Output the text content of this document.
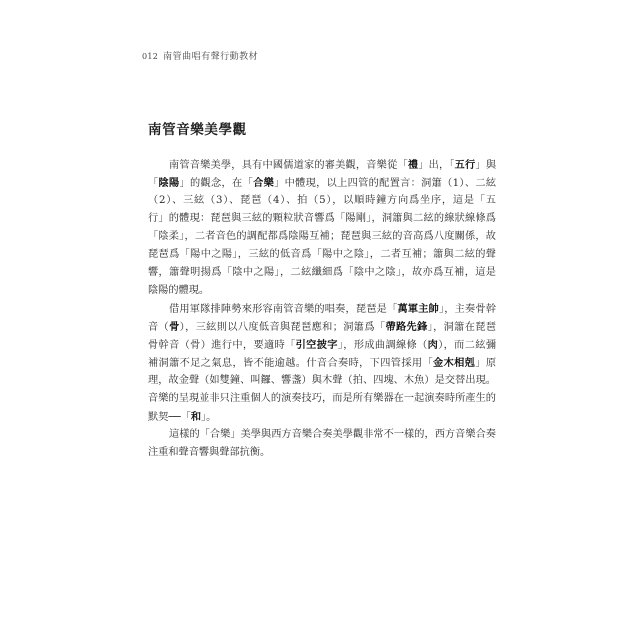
012 南管曲唱有聲行動教材
南管音樂美學觀
南管音樂美學，具有中國儒道家的審美觀，音樂從「禮」出，「五行」與
「陰陽」的觀念，在「合樂」中體現，以上四管的配置言：洞簫（1）、二絃
（2）、三絃（3）、琵琶（4）、拍（5），以順時鐘方向爲坐序，這是「五
行」的體現：琵琶與三絃的顆粒狀音響爲「陽剛」，洞簫與二絃的線狀線條爲
「陰柔」，二者音色的調配都爲陰陽互補；琵琶與三絃的音高爲八度關係，故
琵琶爲「陽中之陽」，三絃的低音爲「陽中之陰」，二者互補；簫與二絃的聲
響，簫聲明揚爲「陰中之陽」，二絃纖細爲「陰中之陰」，故亦爲互補，這是
陰陽的體現。
借用軍隊排陣勢來形容南管音樂的唱奏，琵琶是「萬軍主帥」，主奏骨幹
音（骨），三絃則以八度低音與琵琶應和；洞簫爲「帶路先鋒」，洞簫在琵琶
骨幹音（骨）進行中，要適時「引空披字」，形成曲調線條（肉），而二絃彌
補洞簫不足之氣息，皆不能逾越。什音合奏時，下四管採用「金木相剋」原
理，故金聲（如雙鐘、叫鑼、響盞）與木聲（拍、四塊、木魚）是交替出現。
音樂的呈現並非只注重個人的演奏技巧，而是所有樂器在一起演奏時所產生的
默契──「和」。
這樣的「合樂」美學與西方音樂合奏美學觀非常不一樣的，西方音樂合奏
注重和聲音響與聲部抗衡。
